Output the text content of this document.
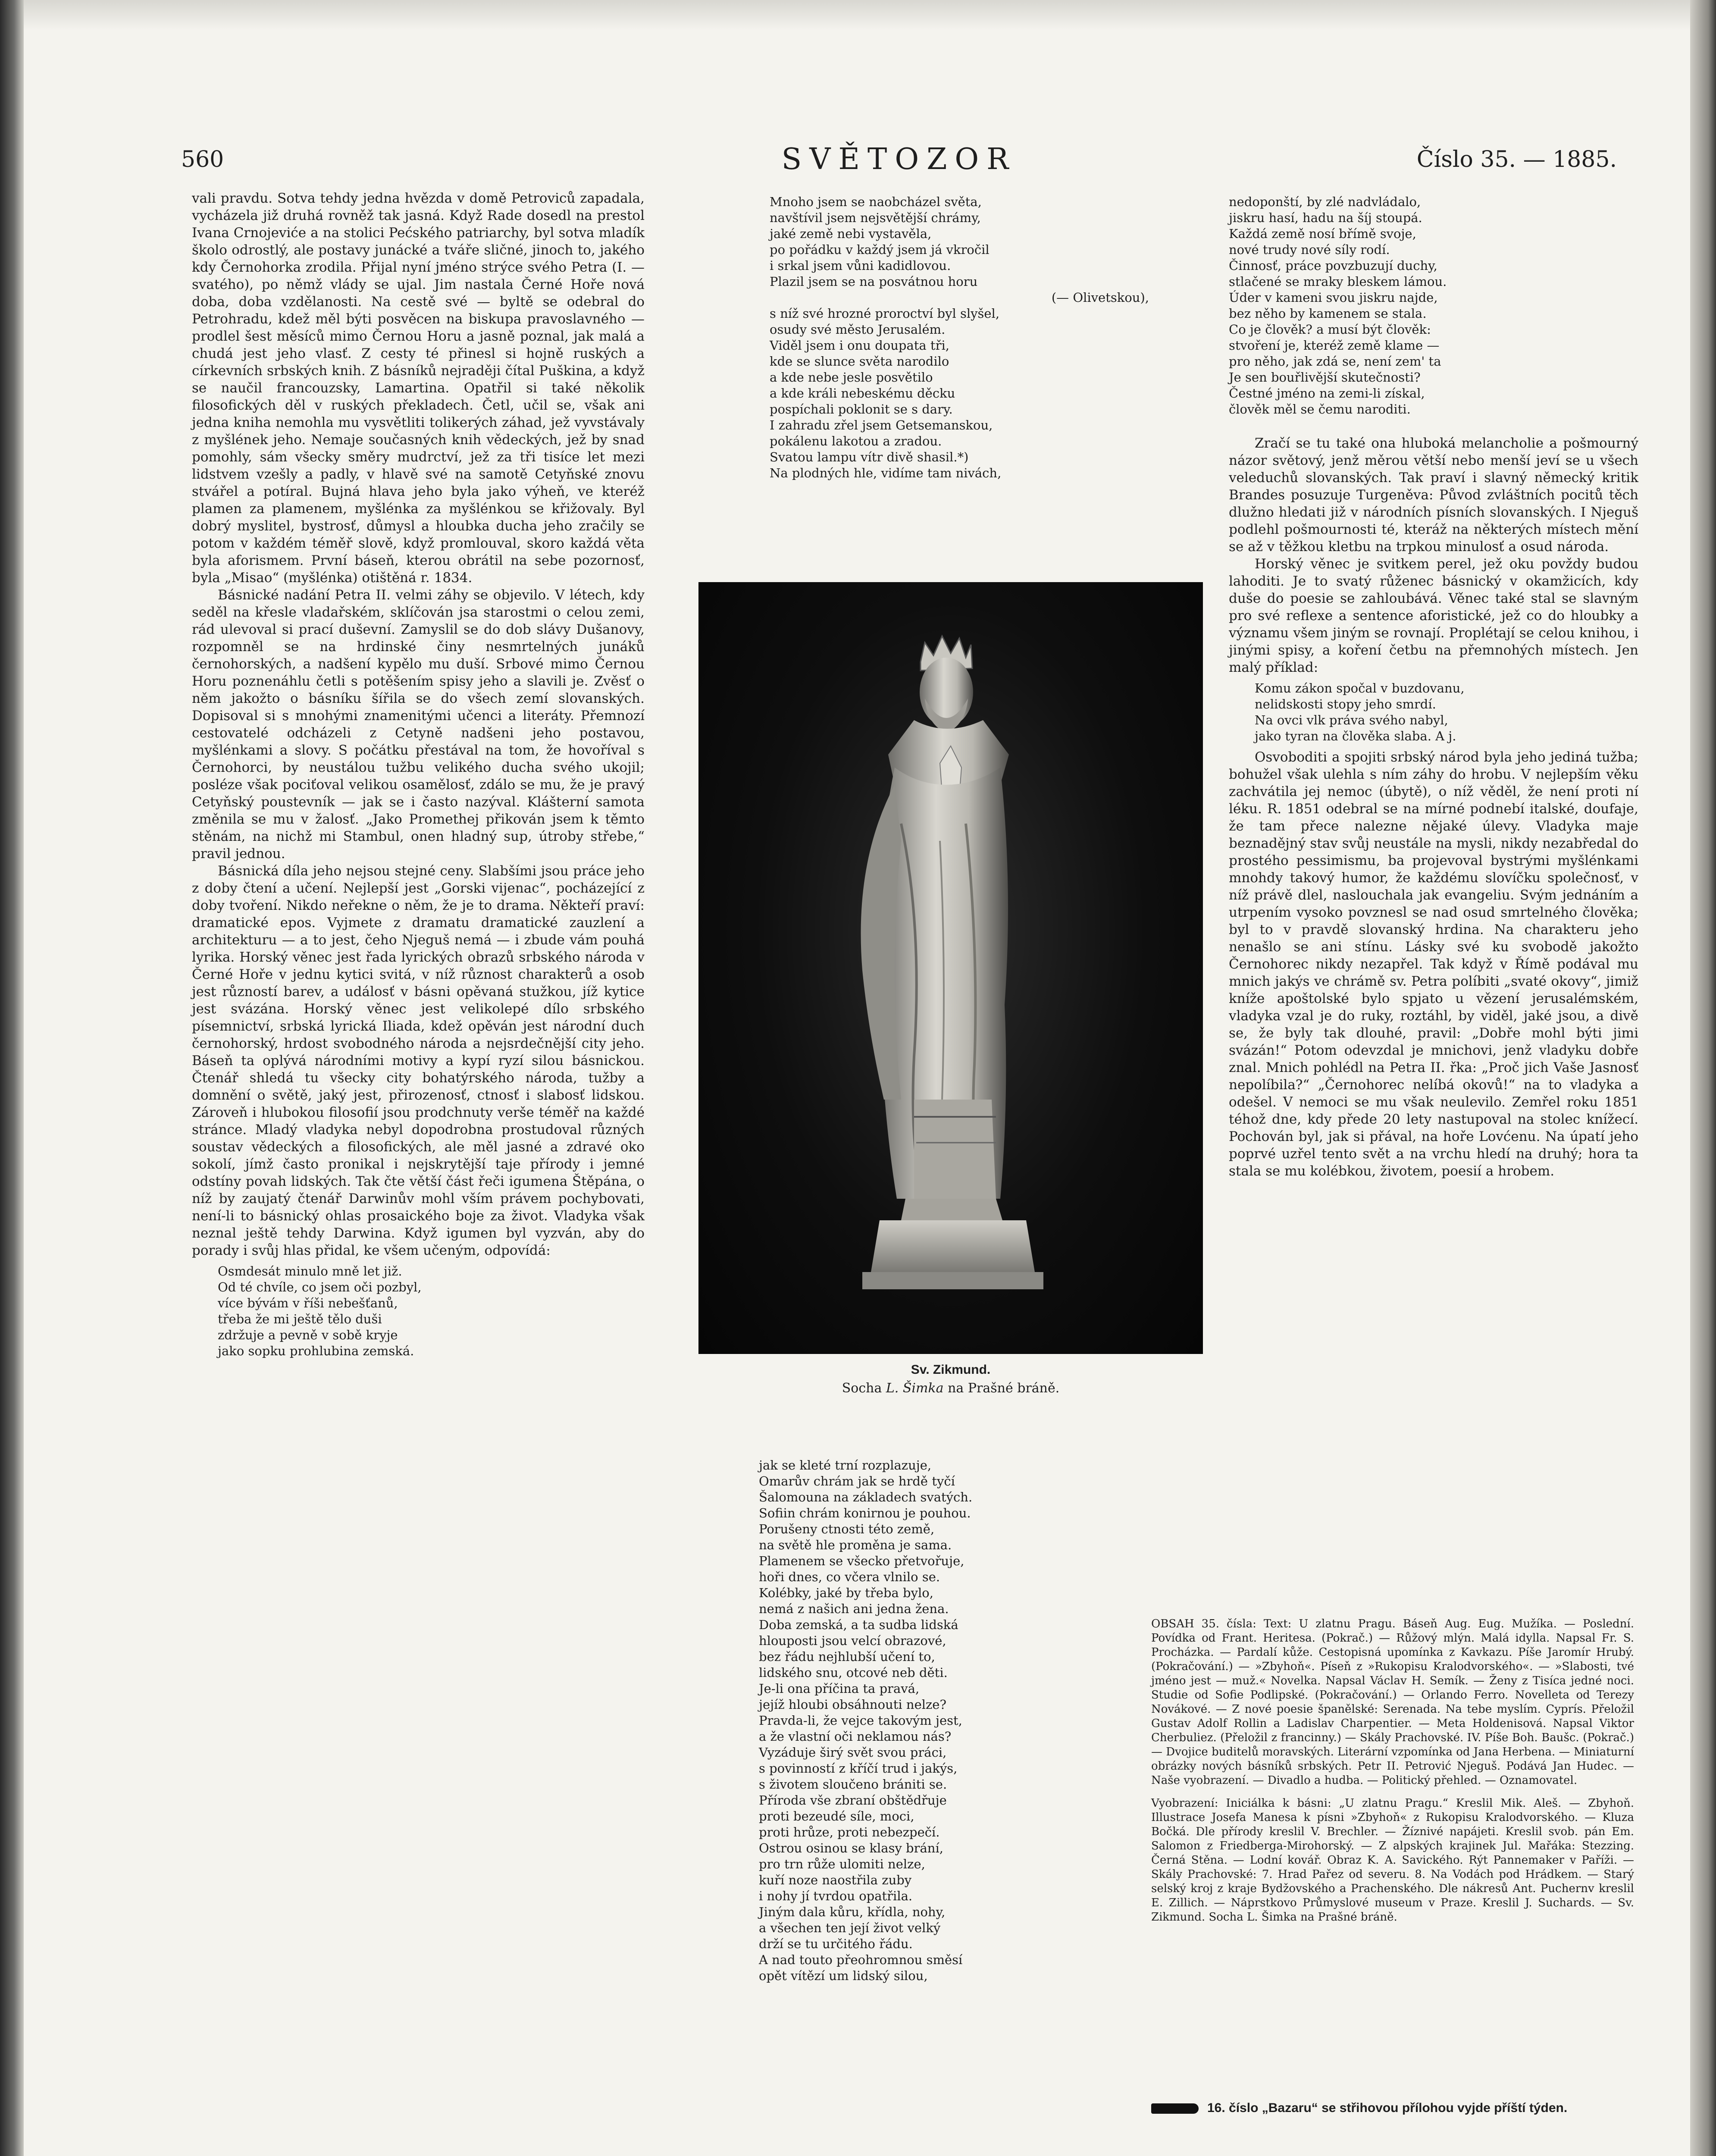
560	SVĚTOZOR	Číslo 35. — 1885.

vali pravdu. Sotva tehdy jedna hvězda v domě Petroviců zapadala, vycházela již druhá rovněž tak jasná. Když Rade dosedl na prestol Ivana Crnojeviće a na stolici Pećského patriarchy, byl sotva mladík školo odrostlý, ale postavy junácké a tváře sličné, jinoch to, jakého kdy Černohorka zrodila. Přijal nyní jméno strýce svého Petra (I. — svatého), po němž vlády se ujal. Jim nastala Černé Hoře nová doba, doba vzdělanosti. Na cestě své — byltě se odebral do Petrohradu, kdež měl býti posvěcen na biskupa pravoslavného — prodlel šest měsíců mimo Černou Horu a jasně poznal, jak malá a chudá jest jeho vlasť. Z cesty té přinesl si hojně ruských a církevních srbských knih. Z básníků nejraději čítal Puškina, a když se naučil francouzsky, Lamartina. Opatřil si také několik filosofických děl v ruských překladech. Četl, učil se, však ani jedna kniha nemohla mu vysvětliti tolikerých záhad, jež vyvstávaly z myšlének jeho. Nemaje současných knih vědeckých, jež by snad pomohly, sám všecky směry mudrctví, jež za tři tisíce let mezi lidstvem vzešly a padly, v hlavě své na samotě Cetyňské znovu stvářel a potíral. Bujná hlava jeho byla jako výheň, ve kteréž plamen za plamenem, myšlénka za myšlénkou se křižovaly. Byl dobrý myslitel, bystrosť, důmysl a hloubka ducha jeho zračily se potom v každém téměř slově, když promlouval, skoro každá věta byla aforismem. První báseň, kterou obrátil na sebe pozornosť, byla „Misao“ (myšlénka) otištěná r. 1834.

Básnické nadání Petra II. velmi záhy se objevilo. V létech, kdy seděl na křesle vladařském, sklíčován jsa starostmi o celou zemi, rád ulevoval si prací duševní. Zamyslil se do dob slávy Dušanovy, rozpomněl se na hrdinské činy nesmrtelných junáků černohorských, a nadšení kypělo mu duší. Srbové mimo Černou Horu poznenáhlu četli s potěšením spisy jeho a slavili je. Zvěsť o něm jakožto o básníku šířila se do všech zemí slovanských. Dopisoval si s mnohými znamenitými učenci a literáty. Přemnozí cestovatelé odcházeli z Cetyně nadšeni jeho postavou, myšlénkami a slovy. S počátku přestával na tom, že hovoříval s Černohorci, by neustálou tužbu velikého ducha svého ukojil; posléze však pociťoval velikou osamělosť, zdálo se mu, že je pravý Cetyňský poustevník — jak se i často nazýval. Klášterní samota změnila se mu v žalosť. „Jako Promethej přikován jsem k těmto stěnám, na nichž mi Stambul, onen hladný sup, útroby střebe,“ pravil jednou.

Básnická díla jeho nejsou stejné ceny. Slabšími jsou práce jeho z doby čtení a učení. Nejlepší jest „Gorski vijenac“, pocházející z doby tvoření. Nikdo neřekne o něm, že je to drama. Někteří praví: dramatické epos. Vyjmete z dramatu dramatické zauzlení a architekturu — a to jest, čeho Njeguš nemá — i zbude vám pouhá lyrika. Horský věnec jest řada lyrických obrazů srbského národa v Černé Hoře v jednu kytici svitá, v níž různost charakterů a osob jest růzností barev, a událosť v básni opěvaná stužkou, jíž kytice jest svázána. Horský věnec jest velikolepé dílo srbského písemnictví, srbská lyrická Iliada, kdež opěván jest národní duch černohorský, hrdost svobodného národa a nejsrdečnější city jeho. Báseň ta oplývá národními motivy a kypí ryzí silou básnickou. Čtenář shledá tu všecky city bohatýrského národa, tužby a domnění o světě, jaký jest, přirozenosť, ctnosť i slabosť lidskou. Zároveň i hlubokou filosofií jsou prodchnuty verše téměř na každé stránce. Mladý vladyka nebyl dopodrobna prostudoval různých soustav vědeckých a filosofických, ale měl jasné a zdravé oko sokolí, jímž často pronikal i nejskrytější taje přírody i jemné odstíny povah lidských. Tak čte větší část řeči igumena Štěpána, o níž by zaujatý čtenář Darwinův mohl vším právem pochybovati, není-li to básnický ohlas prosaického boje za život. Vladyka však neznal ještě tehdy Darwina. Když igumen byl vyzván, aby do porady i svůj hlas přidal, ke všem učeným, odpovídá:

Osmdesát minulo mně let již.
Od té chvíle, co jsem oči pozbyl,
více bývám v říši nebešťanů,
třeba že mi ještě tělo duši
zdržuje a pevně v sobě kryje
jako sopku prohlubina zemská.
Mnoho jsem se naobcházel světa,
navštívil jsem nejsvětější chrámy,
jaké země nebi vystavěla,
po pořádku v každý jsem já vkročil
i srkal jsem vůni kadidlovou.
Plazil jsem se na posvátnou horu
(— Olivetskou),
s níž své hrozné proroctví byl slyšel,
osudy své město Jerusalém.
Viděl jsem i onu doupata tři,
kde se slunce světa narodilo
a kde nebe jesle posvětilo
a kde králi nebeskému děcku
pospíchali poklonit se s dary.
I zahradu zřel jsem Getsemanskou,
pokálenu lakotou a zradou.
Svatou lampu vítr divě shasil.*)
Na plodných hle, vidíme tam nivách,
Sv. Zikmund.
Socha L. Šimka na Prašné bráně.
jak se kleté trní rozplazuje,
Omarův chrám jak se hrdě tyčí
Šalomouna na základech svatých.
Sofiin chrám konirnou je pouhou.
Porušeny ctnosti této země,
na světě hle proměna je sama.
Plamenem se všecko přetvořuje,
hoři dnes, co včera vlnilo se.
Kolébky, jaké by třeba bylo,
nemá z našich ani jedna žena.
Doba zemská, a ta sudba lidská
hlouposti jsou velcí obrazové,
bez řádu nejhlubší učení to,
lidského snu, otcové neb děti.
Je-li ona příčina ta pravá,
jejíž hloubi obsáhnouti nelze?
Pravda-li, že vejce takovým jest,
a že vlastní oči neklamou nás?
Vyzáduje širý svět svou práci,
s povinností z kříčí trud i jakýs,
s životem sloučeno brániti se.
Příroda vše zbraní obštědřuje
proti bezeudé síle, moci,
proti hrůze, proti nebezpečí.
Ostrou osinou se klasy brání,
pro trn růže ulomiti nelze,
kuří noze naostřila zuby
i nohy jí tvrdou opatřila.
Jiným dala kůru, křídla, nohy,
a všechen ten její život velký
drží se tu určitého řádu.
A nad touto přeohromnou směsí
opět vítězí um lidský silou,
nedoponští, by zlé nadvládalo,
jiskru hasí, hadu na šíj stoupá.
Každá země nosí břímě svoje,
nové trudy nové síly rodí.
Činnosť, práce povzbuzují duchy,
stlačené se mraky bleskem lámou.
Úder v kameni svou jiskru najde,
bez něho by kamenem se stala.
Co je člověk? a musí být člověk:
stvoření je, kteréž země klame —
pro něho, jak zdá se, není zem' ta
Je sen bouřlivější skutečnosti?
Čestné jméno na zemi-li získal,
člověk měl se čemu naroditi.

Zračí se tu také ona hluboká melancholie a pošmourný názor světový, jenž měrou větší nebo menší jeví se u všech veleduchů slovanských. Tak praví i slavný německý kritik Brandes posuzuje Turgeněva: Původ zvláštních pocitů těch dlužno hledati již v národních písních slovanských. I Njeguš podlehl pošmournosti té, kteráž na některých místech mění se až v těžkou kletbu na trpkou minulosť a osud národa.

Horský věnec je svitkem perel, jež oku povždy budou lahoditi. Je to svatý růženec básnický v okamžicích, kdy duše do poesie se zahloubává. Věnec také stal se slavným pro své reflexe a sentence aforistické, jež co do hloubky a významu všem jiným se rovnají. Proplétají se celou knihou, i jinými spisy, a koření četbu na přemnohých místech. Jen malý příklad:

Komu zákon spočal v buzdovanu,
nelidskosti stopy jeho smrdí.
Na ovci vlk práva svého nabyl,
jako tyran na člověka slaba. A j.

Osvoboditi a spojiti srbský národ byla jeho jediná tužba; bohužel však ulehla s ním záhy do hrobu. V nejlepším věku zachvátila jej nemoc (úbytě), o níž věděl, že není proti ní léku. R. 1851 odebral se na mírné podnebí italské, doufaje, že tam přece nalezne nějaké úlevy. Vladyka maje beznadějný stav svůj neustále na mysli, nikdy nezabředal do prostého pessimismu, ba projevoval bystrými myšlénkami mnohdy takový humor, že každému slovíčku společnosť, v níž právě dlel, naslouchala jak evangeliu. Svým jednáním a utrpením vysoko povznesl se nad osud smrtelného člověka; byl to v pravdě slovanský hrdina. Na charakteru jeho nenašlo se ani stínu. Lásky své ku svobodě jakožto Černohorec nikdy nezapřel. Tak když v Římě podával mu mnich jakýs ve chrámě sv. Petra políbiti „svaté okovy“, jimiž kníže apoštolské bylo spjato u vězení jerusalémském, vladyka vzal je do ruky, roztáhl, by viděl, jaké jsou, a divě se, že byly tak dlouhé, pravil: „Dobře mohl býti jimi svázán!“ Potom odevzdal je mnichovi, jenž vladyku dobře znal. Mnich pohlédl na Petra II. řka: „Proč jich Vaše Jasnosť nepolíbila?“ „Černohorec nelíbá okovů!“ na to vladyka a odešel. V nemoci se mu však neulevilo. Zemřel roku 1851 téhož dne, kdy předе 20 lety nastupoval na stolec knížecí. Pochován byl, jak si přával, na hoře Lovćenu. Na úpatí jeho poprvé uzřel tento svět a na vrchu hledí na druhý; hora ta stala se mu kolébkou, životem, poesií a hrobem.

OBSAH 35. čísla: Text: U zlatnu Pragu. Báseň Aug. Eug. Mužíka. — Poslední. Povídka od Frant. Heritesa. (Pokrač.) — Růžový mlýn. Malá idylla. Napsal Fr. S. Procházka. — Pardalí kůže. Cestopisná upomínka z Kavkazu. Píše Jaromír Hrubý. (Pokračování.) — »Zbyhoň«. Píseň z »Rukopisu Kralodvorského«. — »Slabosti, tvé jméno jest — muž.« Novelka. Napsal Václav H. Semík. — Ženy z Tisíca jedné noci. Studie od Sofie Podlipské. (Pokračování.) — Orlando Ferro. Novelleta od Terezy Novákové. — Z nové poesie španělské: Serenada. Na tebe myslím. Cyprís. Přeložil Gustav Adolf Rollin a Ladislav Charpentier. — Meta Holdenisová. Napsal Viktor Cherbuliez. (Přeložil z francinny.) — Skály Prachovské. IV. Píše Boh. Baušc. (Pokrač.) — Dvojice buditelů moravských. Literární vzpomínka od Jana Herbena. — Miniaturní obrázky nových básníků srbských. Petr II. Petrović Njeguš. Podává Jan Hudec. — Naše vyobrazení. — Divadlo a hudba. — Politický přehled. — Oznamovatel.

Vyobrazení: Iniciálka k básni: „U zlatnu Pragu.“ Kreslil Mik. Aleš. — Zbyhoň. Illustrace Josefa Manesa k písni »Zbyhoň« z Rukopisu Kralodvorského. — Kluza Bočká. Dle přírody kreslil V. Brechler. — Žíznivé napájeti. Kreslil svob. pán Em. Salomon z Friedberga-Mirohorský. — Z alpských krajinek Jul. Mařáka: Stezzing. Černá Stěna. — Lodní kovář. Obraz K. A. Savického. Rýt Pannemaker v Paříži. — Skály Prachovské: 7. Hrad Pařez od severu. 8. Na Vodách pod Hrádkem. — Starý selský kroj z kraje Bydžovského a Prachenského. Dle nákresů Ant. Puchernv kreslil E. Zillich. — Náprstkovo Průmyslové museum v Praze. Kreslil J. Suchards. — Sv. Zikmund. Socha L. Šimka na Prašné bráně.

16. číslo „Bazaru“ se střihovou přílohou vyjde příští týden.
